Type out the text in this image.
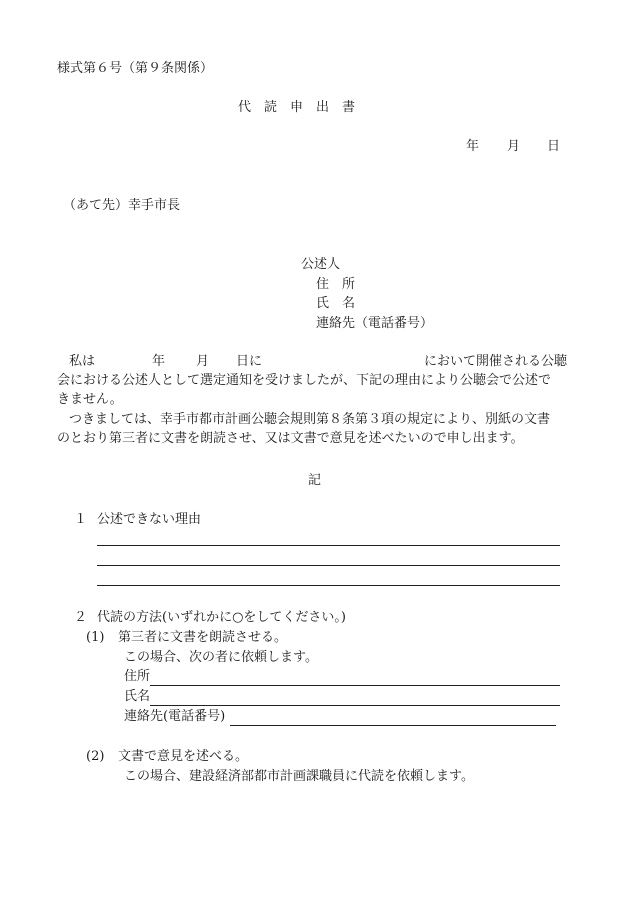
様式第６号（第９条関係）
代　読　申　出　書
年 月 日
（あて先）幸手市長
公述人
住　所
氏　名
連絡先（電話番号）
私は	年 月 日に	において開催される公聴
会における公述人として選定通知を受けましたが、下記の理由により公聴会で公述で
きません。
つきましては、幸手市都市計画公聴会規則第８条第３項の規定により、別紙の文書
のとおり第三者に文書を朗読させ、又は文書で意見を述べたいので申し出ます。
記
１ 公述できない理由
２ 代読の方法(いずれかに○をしてください。)
(1) 第三者に文書を朗読させる。
この場合、次の者に依頼します。
住所
氏名
連絡先(電話番号)
(2) 文書で意見を述べる。
この場合、建設経済部都市計画課職員に代読を依頼します。
